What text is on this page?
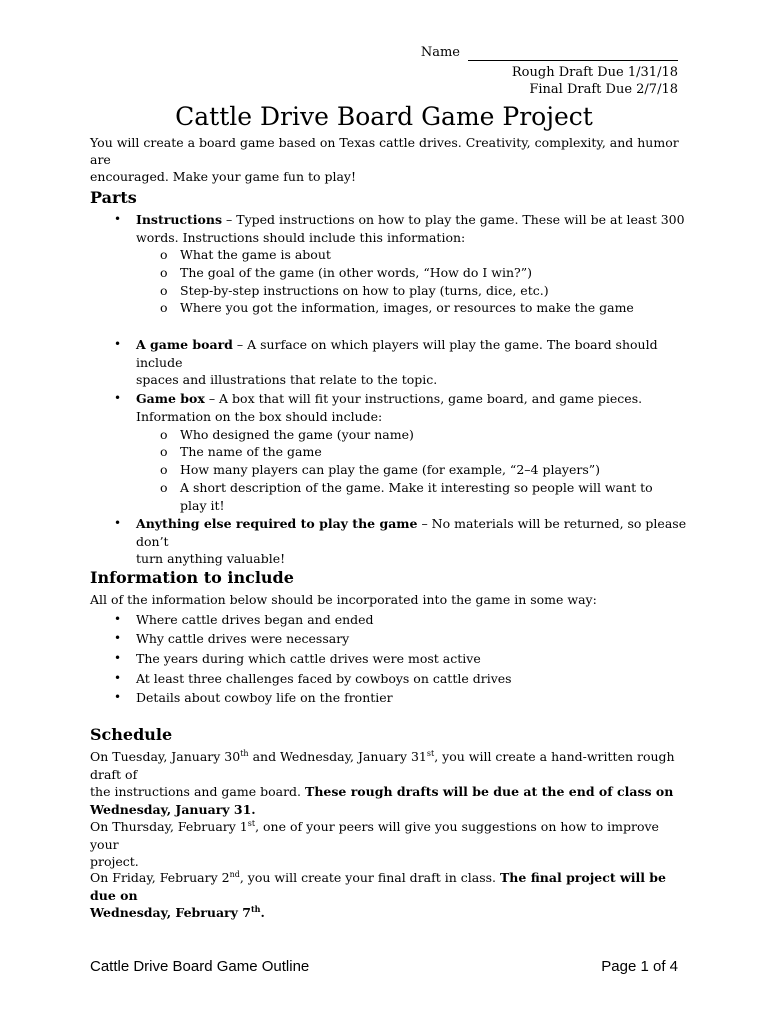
Name
Rough Draft Due 1/31/18
Final Draft Due 2/7/18
Cattle Drive Board Game Project
You will create a board game based on Texas cattle drives. Creativity, complexity, and humor are
encouraged. Make your game fun to play!
Parts
• Instructions – Typed instructions on how to play the game. These will be at least 300
words. Instructions should include this information:
o What the game is about
o The goal of the game (in other words, “How do I win?”)
o Step-by-step instructions on how to play (turns, dice, etc.)
o Where you got the information, images, or resources to make the game
• A game board – A surface on which players will play the game. The board should include
spaces and illustrations that relate to the topic.
• Game box – A box that will fit your instructions, game board, and game pieces.
Information on the box should include:
o Who designed the game (your name)
o The name of the game
o How many players can play the game (for example, “2–4 players”)
o A short description of the game. Make it interesting so people will want to play it!
• Anything else required to play the game – No materials will be returned, so please don’t
turn anything valuable!
Information to include
All of the information below should be incorporated into the game in some way:
• Where cattle drives began and ended
• Why cattle drives were necessary
• The years during which cattle drives were most active
• At least three challenges faced by cowboys on cattle drives
• Details about cowboy life on the frontier
Schedule
On Tuesday, January 30th and Wednesday, January 31st, you will create a hand-written rough draft of
the instructions and game board. These rough drafts will be due at the end of class on
Wednesday, January 31.
On Thursday, February 1st, one of your peers will give you suggestions on how to improve your
project.
On Friday, February 2nd, you will create your final draft in class. The final project will be due on
Wednesday, February 7th.
Cattle Drive Board Game Outline	Page 1 of 4
